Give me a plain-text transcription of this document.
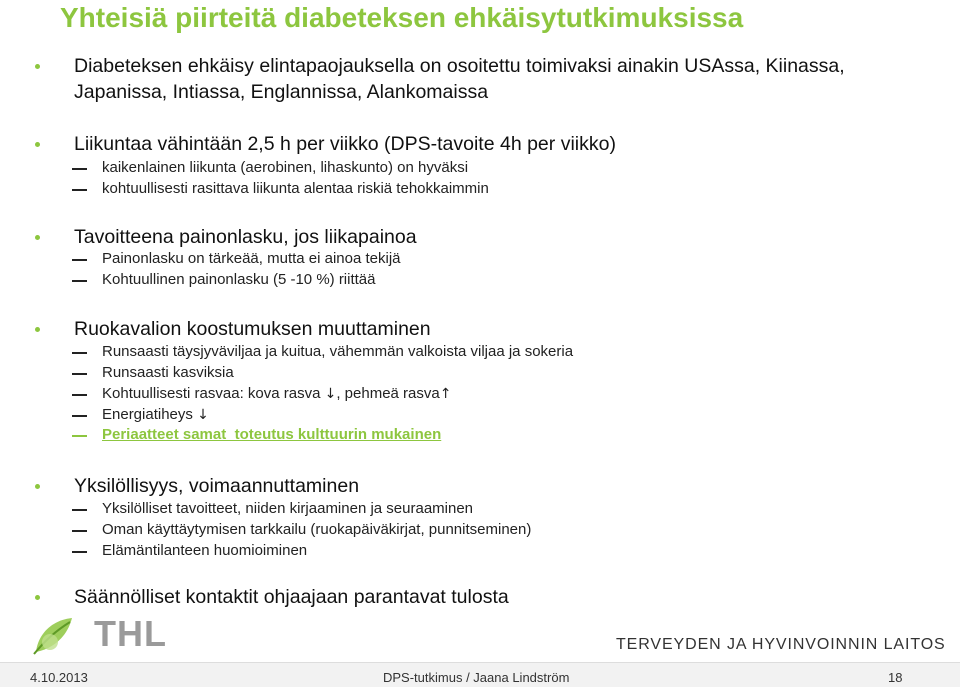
Yhteisiä piirteitä diabeteksen ehkäisytutkimuksissa
Diabeteksen ehkäisy elintapaojauksella on osoitettu toimivaksi ainakin USAssa, Kiinassa,
Japanissa, Intiassa, Englannissa, Alankomaissa
Liikuntaa vähintään 2,5 h per viikko (DPS-tavoite 4h per viikko)
kaikenlainen liikunta (aerobinen, lihaskunto) on hyväksi
kohtuullisesti rasittava liikunta alentaa riskiä tehokkaimmin
Tavoitteena painonlasku, jos liikapainoa
Painonlasku on tärkeää, mutta ei ainoa tekijä
Kohtuullinen painonlasku (5 -10 %) riittää
Ruokavalion koostumuksen muuttaminen
Runsaasti täysjyväviljaa ja kuitua, vähemmän valkoista viljaa ja sokeria
Runsaasti kasviksia
Kohtuullisesti rasvaa: kova rasva ↓, pehmeä rasva↑
Energiatiheys ↓
Periaatteet samat  toteutus kulttuurin mukainen
Yksilöllisyys, voimaannuttaminen
Yksilölliset tavoitteet, niiden kirjaaminen ja seuraaminen
Oman käyttäytymisen tarkkailu (ruokapäiväkirjat, punnitseminen)
Elämäntilanteen huomioiminen
Säännölliset kontaktit ohjaajaan parantavat tulosta
THL	TERVEYDEN JA HYVINVOINNIN LAITOS
4.10.2013	DPS-tutkimus / Jaana Lindström	18
